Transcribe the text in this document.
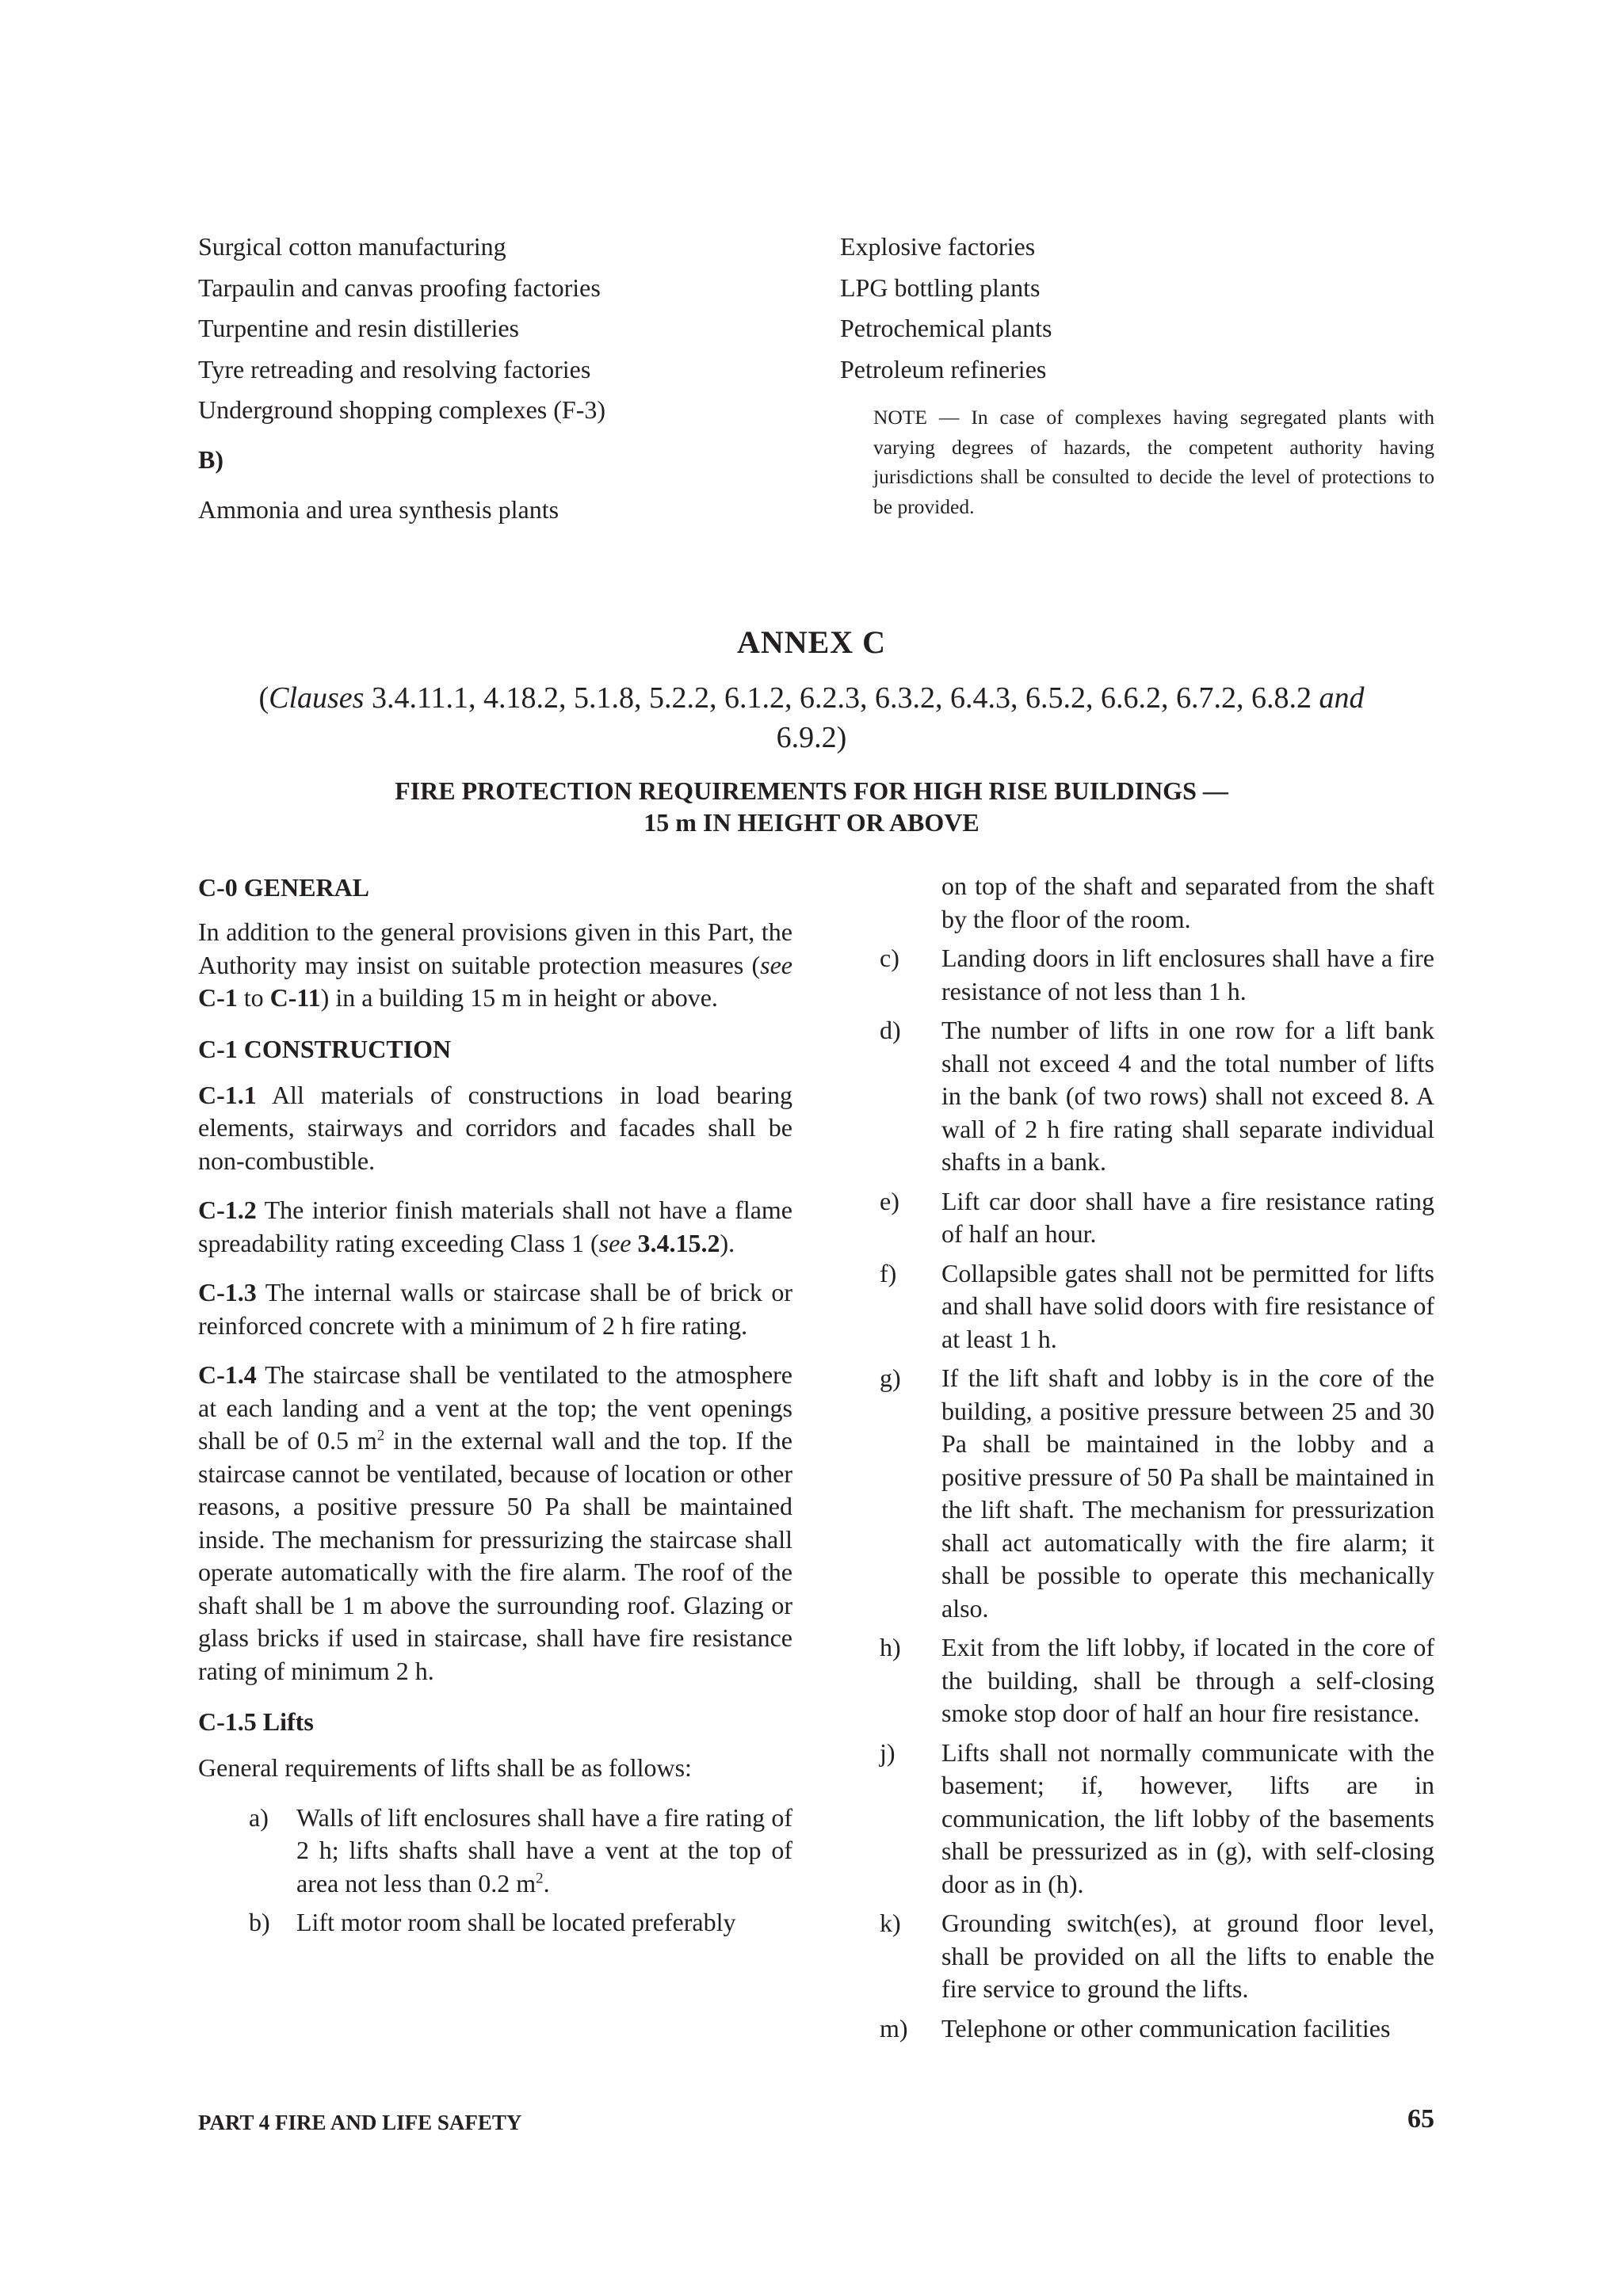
Surgical cotton manufacturing
Tarpaulin and canvas proofing factories
Turpentine and resin distilleries
Tyre retreading and resolving factories
Underground shopping complexes (F-3)
B)
Ammonia and urea synthesis plants
Explosive factories
LPG bottling plants
Petrochemical plants
Petroleum refineries
NOTE — In case of complexes having segregated plants with varying degrees of hazards, the competent authority having jurisdictions shall be consulted to decide the level of protections to be provided.
ANNEX C
(Clauses 3.4.11.1, 4.18.2, 5.1.8, 5.2.2, 6.1.2, 6.2.3, 6.3.2, 6.4.3, 6.5.2, 6.6.2, 6.7.2, 6.8.2 and 6.9.2)
FIRE PROTECTION REQUIREMENTS FOR HIGH RISE BUILDINGS —
15 m IN HEIGHT OR ABOVE

C-0 GENERAL

In addition to the general provisions given in this Part, the Authority may insist on suitable protection measures (see C-1 to C-11) in a building 15 m in height or above.

C-1 CONSTRUCTION

C-1.1 All materials of constructions in load bearing elements, stairways and corridors and facades shall be non-combustible.

C-1.2 The interior finish materials shall not have a flame spreadability rating exceeding Class 1 (see 3.4.15.2).

C-1.3 The internal walls or staircase shall be of brick or reinforced concrete with a minimum of 2 h fire rating.

C-1.4 The staircase shall be ventilated to the atmosphere at each landing and a vent at the top; the vent openings shall be of 0.5 $m^2$ in the external wall and the top. If the staircase cannot be ventilated, because of location or other reasons, a positive pressure 50 Pa shall be maintained inside. The mechanism for pressurizing the staircase shall operate automatically with the fire alarm. The roof of the shaft shall be 1 m above the surrounding roof. Glazing or glass bricks if used in staircase, shall have fire resistance rating of minimum 2 h.

C-1.5 Lifts

General requirements of lifts shall be as follows:

a) Walls of lift enclosures shall have a fire rating of 2 h; lifts shafts shall have a vent at the top of area not less than 0.2 $m^2$.
b) Lift motor room shall be located preferably
on top of the shaft and separated from the shaft by the floor of the room.
c) Landing doors in lift enclosures shall have a fire resistance of not less than 1 h.
d) The number of lifts in one row for a lift bank shall not exceed 4 and the total number of lifts in the bank (of two rows) shall not exceed 8. A wall of 2 h fire rating shall separate individual shafts in a bank.
e) Lift car door shall have a fire resistance rating of half an hour.
f) Collapsible gates shall not be permitted for lifts and shall have solid doors with fire resistance of at least 1 h.
g) If the lift shaft and lobby is in the core of the building, a positive pressure between 25 and 30 Pa shall be maintained in the lobby and a positive pressure of 50 Pa shall be maintained in the lift shaft. The mechanism for pressurization shall act automatically with the fire alarm; it shall be possible to operate this mechanically also.
h) Exit from the lift lobby, if located in the core of the building, shall be through a self-closing smoke stop door of half an hour fire resistance.
j) Lifts shall not normally communicate with the basement; if, however, lifts are in communication, the lift lobby of the basements shall be pressurized as in (g), with self-closing door as in (h).
k) Grounding switch(es), at ground floor level, shall be provided on all the lifts to enable the fire service to ground the lifts.
m) Telephone or other communication facilities
PART 4 FIRE AND LIFE SAFETY	65
